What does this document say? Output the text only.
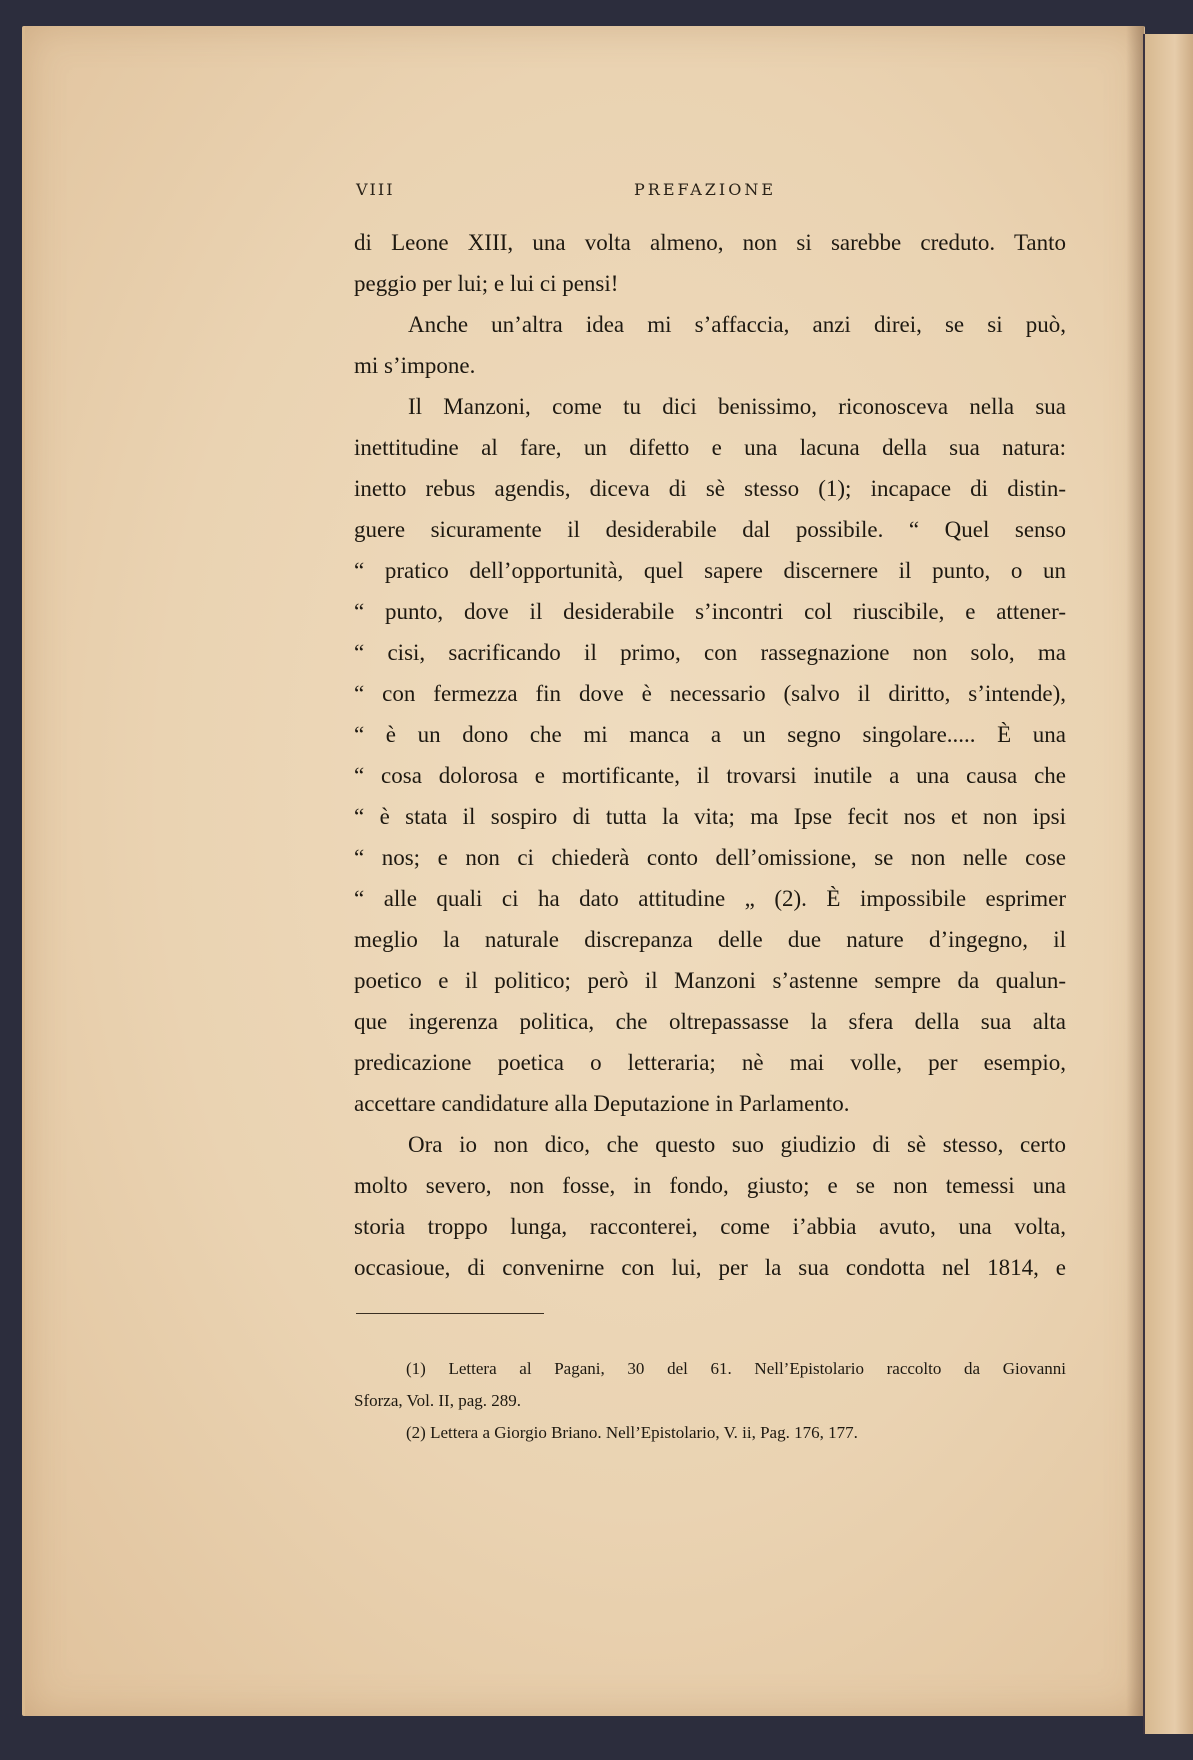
VIII	PREFAZIONE
di Leone XIII, una volta almeno, non si sarebbe creduto. Tanto
peggio per lui; e lui ci pensi!
Anche un’altra idea mi s’affaccia, anzi direi, se si può,
mi s’impone.
Il Manzoni, come tu dici benissimo, riconosceva nella sua
inettitudine al fare, un difetto e una lacuna della sua natura:
inetto rebus agendis, diceva di sè stesso (1); incapace di distin-
guere sicuramente il desiderabile dal possibile. “ Quel senso
“ pratico dell’opportunità, quel sapere discernere il punto, o un
“ punto, dove il desiderabile s’incontri col riuscibile, e attener-
“ cisi, sacrificando il primo, con rassegnazione non solo, ma
“ con fermezza fin dove è necessario (salvo il diritto, s’intende),
“ è un dono che mi manca a un segno singolare..... È una
“ cosa dolorosa e mortificante, il trovarsi inutile a una causa che
“ è stata il sospiro di tutta la vita; ma Ipse fecit nos et non ipsi
“ nos; e non ci chiederà conto dell’omissione, se non nelle cose
“ alle quali ci ha dato attitudine „ (2). È impossibile esprimer
meglio la naturale discrepanza delle due nature d’ingegno, il
poetico e il politico; però il Manzoni s’astenne sempre da qualun-
que ingerenza politica, che oltrepassasse la sfera della sua alta
predicazione poetica o letteraria; nè mai volle, per esempio,
accettare candidature alla Deputazione in Parlamento.
Ora io non dico, che questo suo giudizio di sè stesso, certo
molto severo, non fosse, in fondo, giusto; e se non temessi una
storia troppo lunga, racconterei, come i’abbia avuto, una volta,
occasioue, di convenirne con lui, per la sua condotta nel 1814, e
(1) Lettera al Pagani, 30 del 61. Nell’Epistolario raccolto da Giovanni
Sforza, Vol. II, pag. 289.
(2) Lettera a Giorgio Briano. Nell’Epistolario, V. ii, Pag. 176, 177.
